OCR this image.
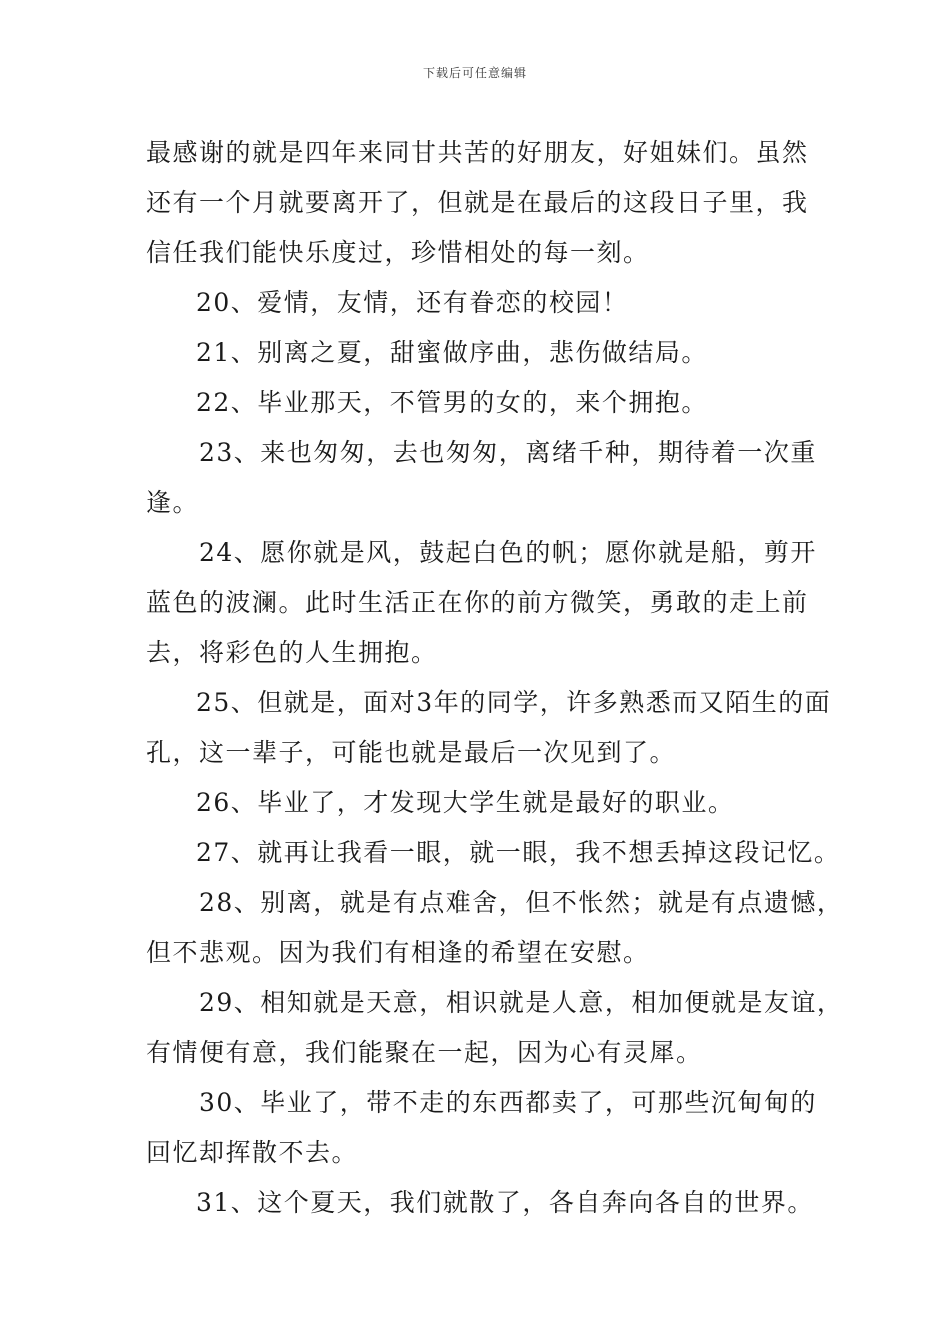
下载后可任意编辑
最感谢的就是四年来同甘共苦的好朋友，好姐妹们。虽然
还有一个月就要离开了，但就是在最后的这段日子里，我
信任我们能快乐度过，珍惜相处的每一刻。
20、爱情，友情，还有眷恋的校园！
21、别离之夏，甜蜜做序曲，悲伤做结局。
22、毕业那天，不管男的女的，来个拥抱。
23、来也匆匆，去也匆匆，离绪千种，期待着一次重
逢。
24、愿你就是风，鼓起白色的帆；愿你就是船，剪开
蓝色的波澜。此时生活正在你的前方微笑，勇敢的走上前
去，将彩色的人生拥抱。
25、但就是，面对3年的同学，许多熟悉而又陌生的面
孔，这一辈子，可能也就是最后一次见到了。
26、毕业了，才发现大学生就是最好的职业。
27、就再让我看一眼，就一眼，我不想丢掉这段记忆。
28、别离，就是有点难舍，但不怅然；就是有点遗憾，
但不悲观。因为我们有相逢的希望在安慰。
29、相知就是天意，相识就是人意，相加便就是友谊，
有情便有意，我们能聚在一起，因为心有灵犀。
30、毕业了，带不走的东西都卖了，可那些沉甸甸的
回忆却挥散不去。
31、这个夏天，我们就散了，各自奔向各自的世界。
